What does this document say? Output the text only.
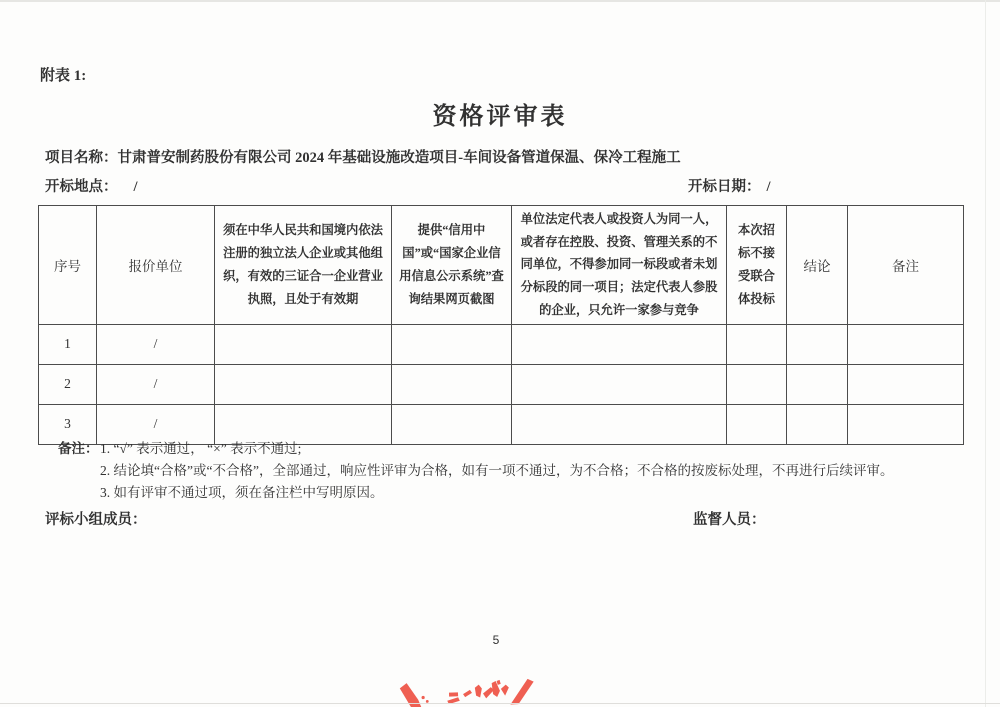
附表 1:
资格评审表
项目名称：甘肃普安制药股份有限公司 2024 年基础设施改造项目-车间设备管道保温、保冷工程施工
开标地点： /	开标日期： /
序号	报价单位	须在中华人民共和国境内依法注册的独立法人企业或其他组织，有效的三证合一企业营业执照，且处于有效期	提供“信用中国”或“国家企业信用信息公示系统”查询结果网页截图	单位法定代表人或投资人为同一人，或者存在控股、投资、管理关系的不同单位，不得参加同一标段或者未划分标段的同一项目；法定代表人参股的企业，只允许一家参与竞争	本次招标不接受联合体投标	结论	备注
1	/						
2	/						
3	/						
备注： 1. “√” 表示通过， “×” 表示不通过;
2. 结论填“合格”或“不合格”，全部通过，响应性评审为合格，如有一项不通过，为不合格；不合格的按废标处理，不再进行后续评审。
3. 如有评审不通过项，须在备注栏中写明原因。
评标小组成员：	监督人员：
5
